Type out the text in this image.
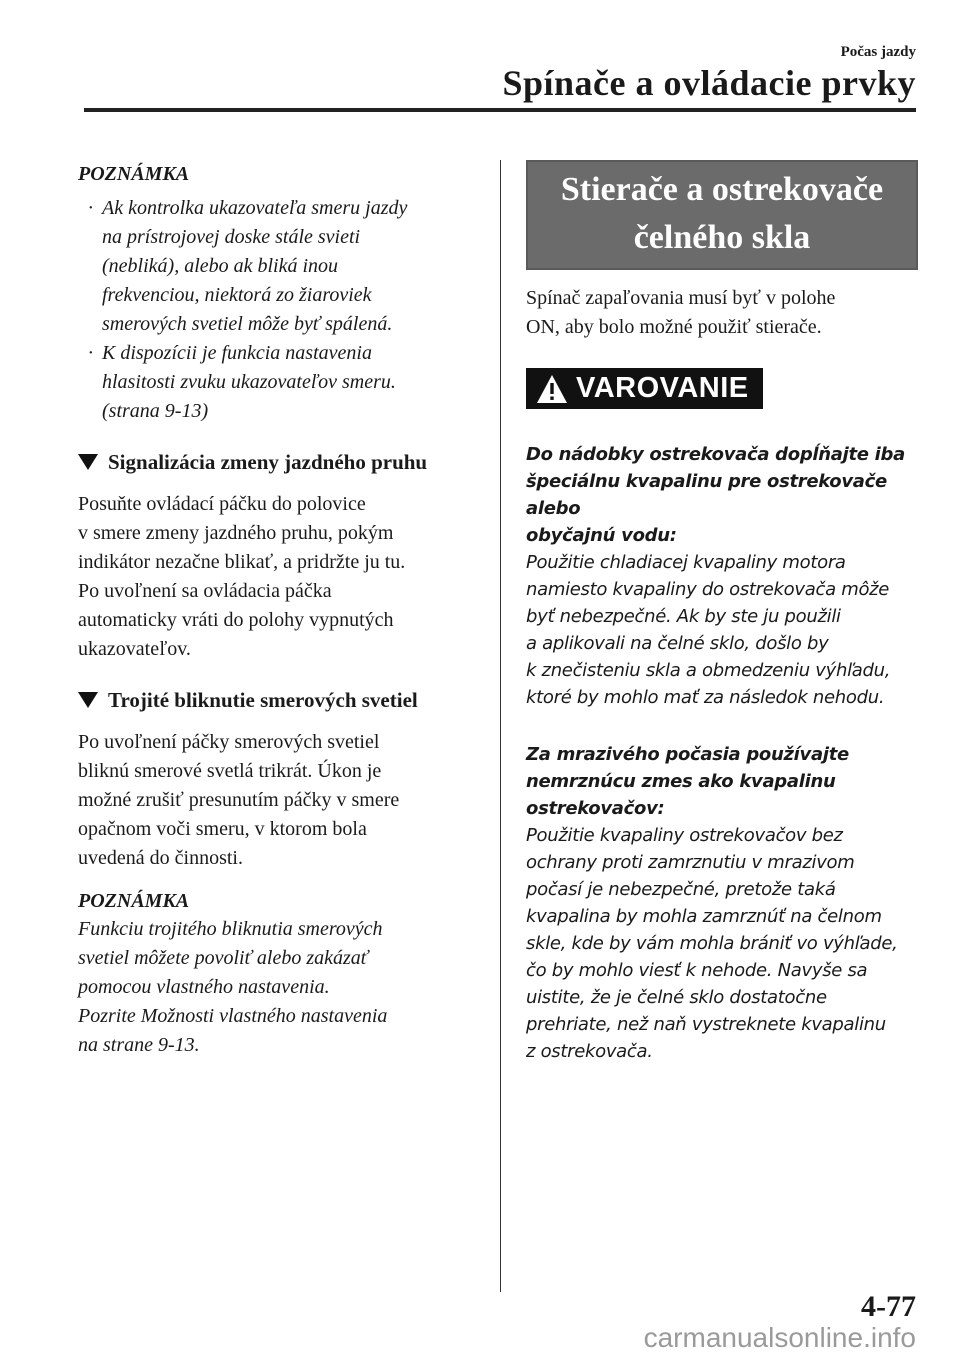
Počas jazdy
Spínače a ovládacie prvky
POZNÁMKA
· Ak kontrolka ukazovateľa smeru jazdy
na prístrojovej doske stále svieti
(nebliká), alebo ak bliká inou
frekvenciou, niektorá zo žiaroviek
smerových svetiel môže byť spálená.
· K dispozícii je funkcia nastavenia
hlasitosti zvuku ukazovateľov smeru.
(strana 9-13)
Signalizácia zmeny jazdného pruhu

Posuňte ovládací páčku do polovice
v smere zmeny jazdného pruhu, pokým
indikátor nezačne blikať, a pridržte ju tu.
Po uvoľnení sa ovládacia páčka
automaticky vráti do polohy vypnutých
ukazovateľov.

Trojité bliknutie smerových svetiel

Po uvoľnení páčky smerových svetiel
bliknú smerové svetlá trikrát. Úkon je
možné zrušiť presunutím páčky v smere
opačnom voči smeru, v ktorom bola
uvedená do činnosti.

POZNÁMKA

Funkciu trojitého bliknutia smerových
svetiel môžete povoliť alebo zakázať
pomocou vlastného nastavenia.
Pozrite Možnosti vlastného nastavenia
na strane 9-13.

Stierače a ostrekovače
čelného skla

Spínač zapaľovania musí byť v polohe
ON, aby bolo možné použiť stierače.

VAROVANIE

Do nádobky ostrekovača dopĺňajte iba
špeciálnu kvapalinu pre ostrekovače alebo
obyčajnú vodu:

Použitie chladiacej kvapaliny motora
namiesto kvapaliny do ostrekovača môže
byť nebezpečné. Ak by ste ju použili
a aplikovali na čelné sklo, došlo by
k znečisteniu skla a obmedzeniu výhľadu,
ktoré by mohlo mať za následok nehodu.

Za mrazivého počasia používajte
nemrznúcu zmes ako kvapalinu
ostrekovačov:

Použitie kvapaliny ostrekovačov bez
ochrany proti zamrznutiu v mrazivom
počasí je nebezpečné, pretože taká
kvapalina by mohla zamrznúť na čelnom
skle, kde by vám mohla brániť vo výhľade,
čo by mohlo viesť k nehode. Navyše sa
uistite, že je čelné sklo dostatočne
prehriate, než naň vystreknete kvapalinu
z ostrekovača.

4-77
carmanualsonline.info
